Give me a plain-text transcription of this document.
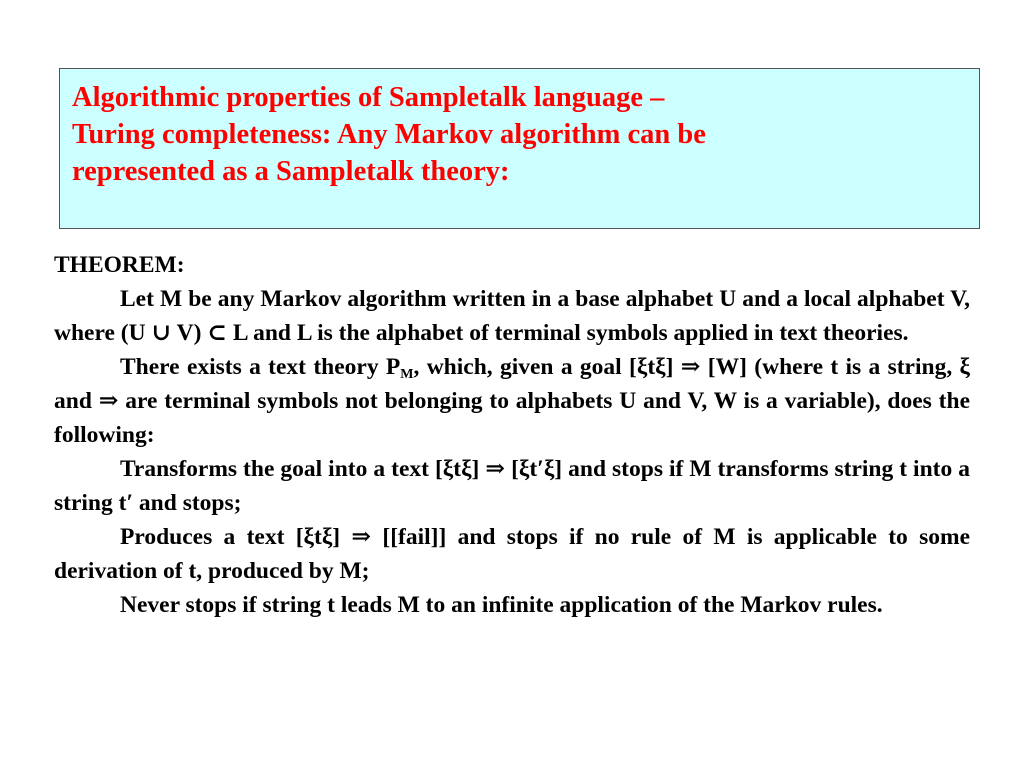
Algorithmic properties of Sampletalk language –
Turing completeness: Any Markov algorithm can be
represented as a Sampletalk theory:

THEOREM:

Let M be any Markov algorithm written in a base alphabet U and a local alphabet V, where (U ∪ V) ⊂ L and L is the alphabet of terminal symbols applied in text theories.

There exists a text theory $P_M$, which, given a goal [ξtξ] ⇒ [W] (where t is a string, ξ and ⇒ are terminal symbols not belonging to alphabets U and V, W is a variable), does the following:

Transforms the goal into a text [ξtξ] ⇒ [ξt′ξ] and stops if M transforms string t into a string t′ and stops;

Produces a text [ξtξ] ⇒ [[fail]] and stops if no rule of M is applicable to some derivation of t, produced by M;

Never stops if string t leads M to an infinite application of the Markov rules.
